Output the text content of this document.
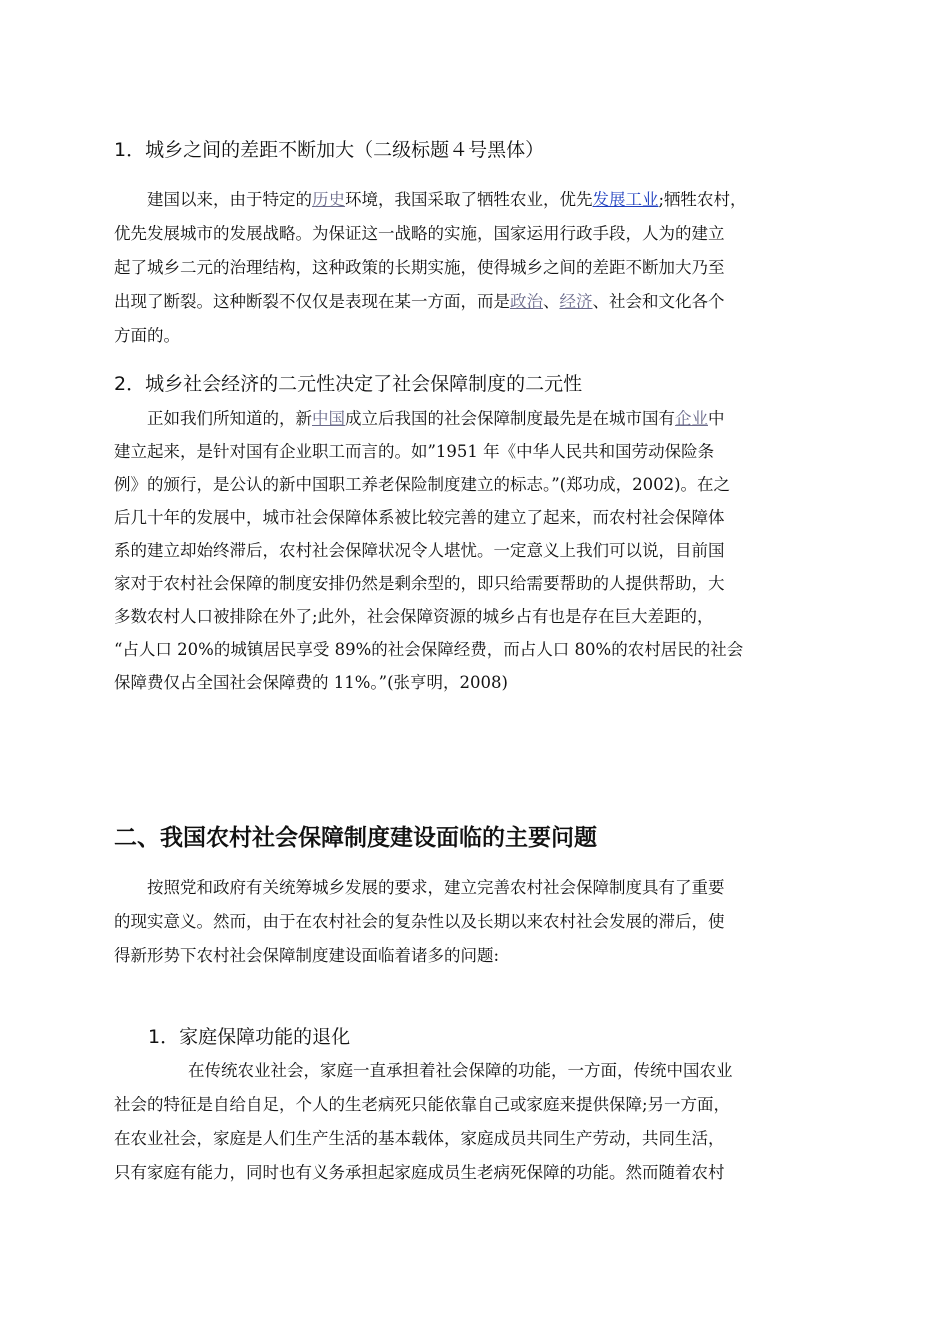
1．城乡之间的差距不断加大（二级标题４号黑体）
建国以来，由于特定的历史环境，我国采取了牺牲农业，优先发展工业;牺牲农村，
优先发展城市的发展战略。为保证这一战略的实施，国家运用行政手段，人为的建立
起了城乡二元的治理结构，这种政策的长期实施，使得城乡之间的差距不断加大乃至
出现了断裂。这种断裂不仅仅是表现在某一方面，而是政治、经济、社会和文化各个
方面的。
2．城乡社会经济的二元性决定了社会保障制度的二元性
正如我们所知道的，新中国成立后我国的社会保障制度最先是在城市国有企业中
建立起来，是针对国有企业职工而言的。如”1951 年《中华人民共和国劳动保险条
例》的颁行，是公认的新中国职工养老保险制度建立的标志。”(郑功成，2002)。在之
后几十年的发展中，城市社会保障体系被比较完善的建立了起来，而农村社会保障体
系的建立却始终滞后，农村社会保障状况令人堪忧。一定意义上我们可以说，目前国
家对于农村社会保障的制度安排仍然是剩余型的，即只给需要帮助的人提供帮助，大
多数农村人口被排除在外了;此外，社会保障资源的城乡占有也是存在巨大差距的，
“占人口 20%的城镇居民享受 89%的社会保障经费，而占人口 80%的农村居民的社会
保障费仅占全国社会保障费的 11%。”(张亨明，2008)
二、我国农村社会保障制度建设面临的主要问题
按照党和政府有关统筹城乡发展的要求，建立完善农村社会保障制度具有了重要
的现实意义。然而，由于在农村社会的复杂性以及长期以来农村社会发展的滞后，使
得新形势下农村社会保障制度建设面临着诸多的问题:
1．家庭保障功能的退化
在传统农业社会，家庭一直承担着社会保障的功能，一方面，传统中国农业
社会的特征是自给自足，个人的生老病死只能依靠自己或家庭来提供保障;另一方面，
在农业社会，家庭是人们生产生活的基本载体，家庭成员共同生产劳动，共同生活，
只有家庭有能力，同时也有义务承担起家庭成员生老病死保障的功能。然而随着农村
